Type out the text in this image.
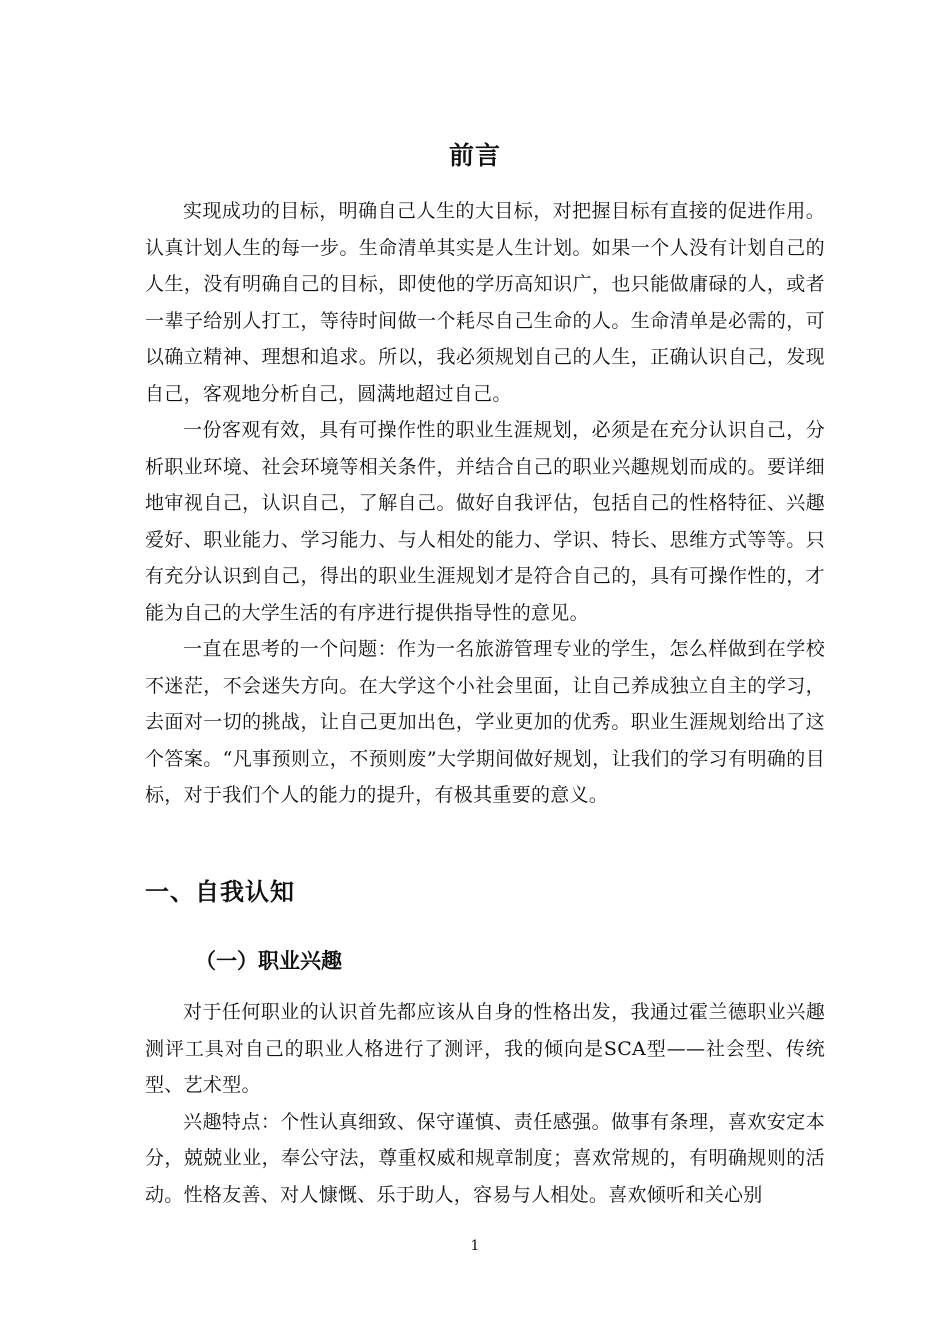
前言

实现成功的目标，明确自己人生的大目标，对把握目标有直接的促进作用。认真计划人生的每一步。生命清单其实是人生计划。如果一个人没有计划自己的人生，没有明确自己的目标，即使他的学历高知识广，也只能做庸碌的人，或者一辈子给别人打工，等待时间做一个耗尽自己生命的人。生命清单是必需的，可以确立精神、理想和追求。所以，我必须规划自己的人生，正确认识自己，发现自己，客观地分析自己，圆满地超过自己。

一份客观有效，具有可操作性的职业生涯规划，必须是在充分认识自己，分析职业环境、社会环境等相关条件，并结合自己的职业兴趣规划而成的。要详细地审视自己，认识自己，了解自己。做好自我评估，包括自己的性格特征、兴趣爱好、职业能力、学习能力、与人相处的能力、学识、特长、思维方式等等。只有充分认识到自己，得出的职业生涯规划才是符合自己的，具有可操作性的，才能为自己的大学生活的有序进行提供指导性的意见。

一直在思考的一个问题：作为一名旅游管理专业的学生，怎么样做到在学校不迷茫，不会迷失方向。在大学这个小社会里面，让自己养成独立自主的学习，去面对一切的挑战，让自己更加出色，学业更加的优秀。职业生涯规划给出了这个答案。“凡事预则立，不预则废”大学期间做好规划，让我们的学习有明确的目标，对于我们个人的能力的提升，有极其重要的意义。

一、自我认知
（一）职业兴趣

对于任何职业的认识首先都应该从自身的性格出发，我通过霍兰德职业兴趣测评工具对自己的职业人格进行了测评，我的倾向是SCA型——社会型、传统型、艺术型。

兴趣特点：个性认真细致、保守谨慎、责任感强。做事有条理，喜欢安定本分，兢兢业业，奉公守法，尊重权威和规章制度；喜欢常规的，有明确规则的活动。性格友善、对人慷慨、乐于助人，容易与人相处。喜欢倾听和关心别

1
